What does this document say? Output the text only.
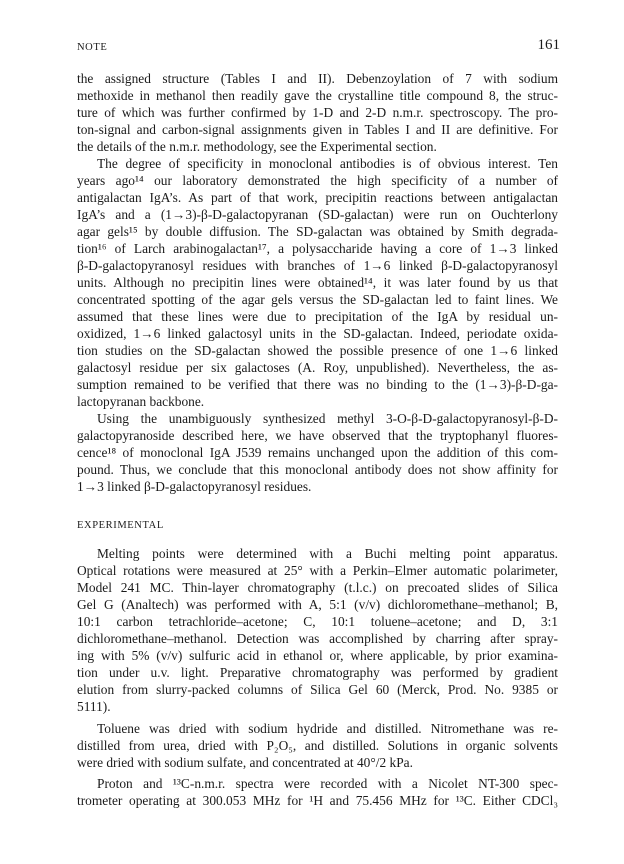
NOTE	161
the assigned structure (Tables I and II). Debenzoylation of 7 with sodium
methoxide in methanol then readily gave the crystalline title compound 8, the struc-
ture of which was further confirmed by 1-D and 2-D n.m.r. spectroscopy. The pro-
ton-signal and carbon-signal assignments given in Tables I and II are definitive. For
the details of the n.m.r. methodology, see the Experimental section.
The degree of specificity in monoclonal antibodies is of obvious interest. Ten
years ago¹⁴ our laboratory demonstrated the high specificity of a number of
antigalactan IgA’s. As part of that work, precipitin reactions between antigalactan
IgA’s and a (1→3)-β-D-galactopyranan (SD-galactan) were run on Ouchterlony
agar gels¹⁵ by double diffusion. The SD-galactan was obtained by Smith degrada-
tion¹⁶ of Larch arabinogalactan¹⁷, a polysaccharide having a core of 1→3 linked
β-D-galactopyranosyl residues with branches of 1→6 linked β-D-galactopyranosyl
units. Although no precipitin lines were obtained¹⁴, it was later found by us that
concentrated spotting of the agar gels versus the SD-galactan led to faint lines. We
assumed that these lines were due to precipitation of the IgA by residual un-
oxidized, 1→6 linked galactosyl units in the SD-galactan. Indeed, periodate oxida-
tion studies on the SD-galactan showed the possible presence of one 1→6 linked
galactosyl residue per six galactoses (A. Roy, unpublished). Nevertheless, the as-
sumption remained to be verified that there was no binding to the (1→3)-β-D-ga-
lactopyranan backbone.
Using the unambiguously synthesized methyl 3-O-β-D-galactopyranosyl-β-D-
galactopyranoside described here, we have observed that the tryptophanyl fluores-
cence¹⁸ of monoclonal IgA J539 remains unchanged upon the addition of this com-
pound. Thus, we conclude that this monoclonal antibody does not show affinity for
1→3 linked β-D-galactopyranosyl residues.
EXPERIMENTAL
Melting points were determined with a Buchi melting point apparatus.
Optical rotations were measured at 25° with a Perkin–Elmer automatic polarimeter,
Model 241 MC. Thin-layer chromatography (t.l.c.) on precoated slides of Silica
Gel G (Analtech) was performed with A, 5:1 (v/v) dichloromethane–methanol; B,
10:1 carbon tetrachloride–acetone; C, 10:1 toluene–acetone; and D, 3:1
dichloromethane–methanol. Detection was accomplished by charring after spray-
ing with 5% (v/v) sulfuric acid in ethanol or, where applicable, by prior examina-
tion under u.v. light. Preparative chromatography was performed by gradient
elution from slurry-packed columns of Silica Gel 60 (Merck, Prod. No. 9385 or
5111).
Toluene was dried with sodium hydride and distilled. Nitromethane was re-
distilled from urea, dried with P₂O₅, and distilled. Solutions in organic solvents
were dried with sodium sulfate, and concentrated at 40°/2 kPa.
Proton and ¹³C-n.m.r. spectra were recorded with a Nicolet NT-300 spec-
trometer operating at 300.053 MHz for ¹H and 75.456 MHz for ¹³C. Either CDCl₃
